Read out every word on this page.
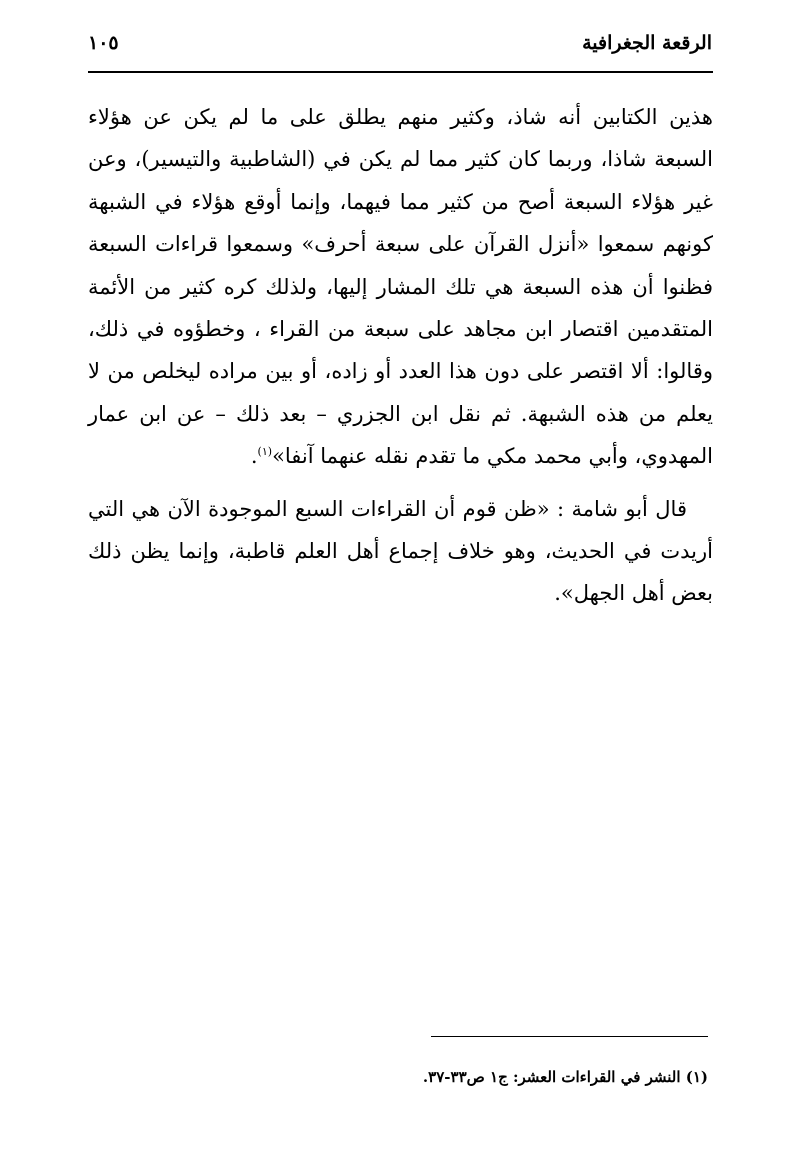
الرقعة الجغرافية
١٠٥

هذين الكتابين أنه شاذ، وكثير منهم يطلق على ما لم يكن عن هؤلاء السبعة شاذا، وربما كان كثير مما لم يكن في (الشاطبية والتيسير)، وعن غير هؤلاء السبعة أصح من كثير مما فيهما، وإنما أوقع هؤلاء في الشبهة كونهم سمعوا «أنزل القرآن على سبعة أحرف» وسمعوا قراءات السبعة فظنوا أن هذه السبعة هي تلك المشار إليها، ولذلك كره كثير من الأئمة المتقدمين اقتصار ابن مجاهد على سبعة من القراء ، وخطؤوه في ذلك، وقالوا: ألا اقتصر على دون هذا العدد أو زاده، أو بين مراده ليخلص من لا يعلم من هذه الشبهة. ثم نقل ابن الجزري – بعد ذلك – عن ابن عمار المهدوي، وأبي محمد مكي ما تقدم نقله عنهما آنفا»$^{(١)}$.

قال أبو شامة : «ظن قوم أن القراءات السبع الموجودة الآن هي التي أريدت في الحديث، وهو خلاف إجماع أهل العلم قاطبة، وإنما يظن ذلك بعض أهل الجهل».

(١) النشر في القراءات العشر: ج١ ص٣٣-٣٧.
